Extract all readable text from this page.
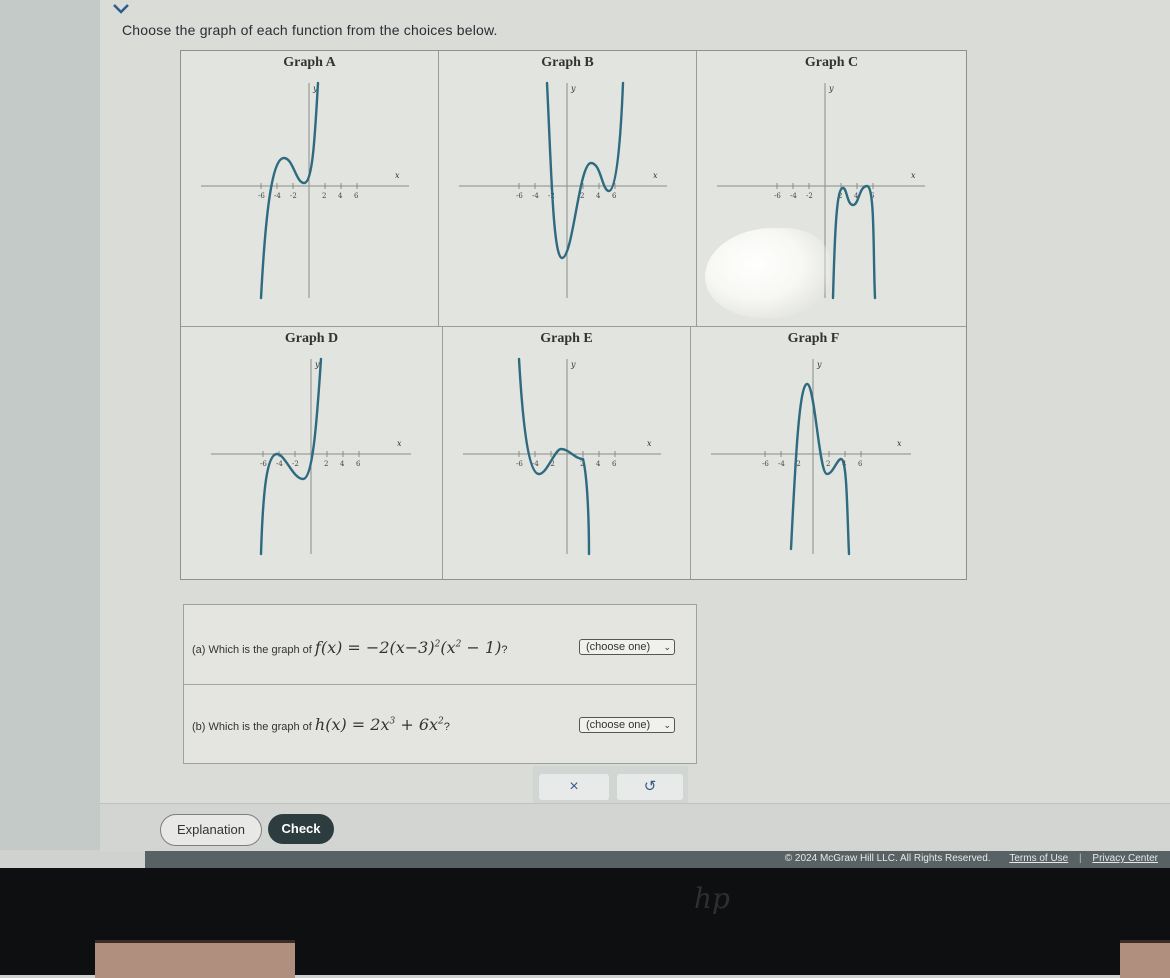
Choose the graph of each function from the choices below.
Graph A
-6 -4 -2	2 4 6
x
y
Graph B
-6 -4 -2	2 4 6
x
y
Graph C
-6 -4 -2	2 4 6
x
y
Graph D
-6 -4 -2	2 4 6
x
y
Graph E
-6 -4 -2	2 4 6
x
y
Graph F
-6 -4 -2	2 4 6
x
y
(a) Which is the graph of $f(x) = -2(x-3)^2(x^2 - 1)$?	(choose one) ⌄
(b) Which is the graph of $h(x) = 2x^3 + 6x^2$?	(choose one) ⌄
×	↺
Explanation	Check
© 2024 McGraw Hill LLC. All Rights Reserved. Terms of Use | Privacy Center
hp
